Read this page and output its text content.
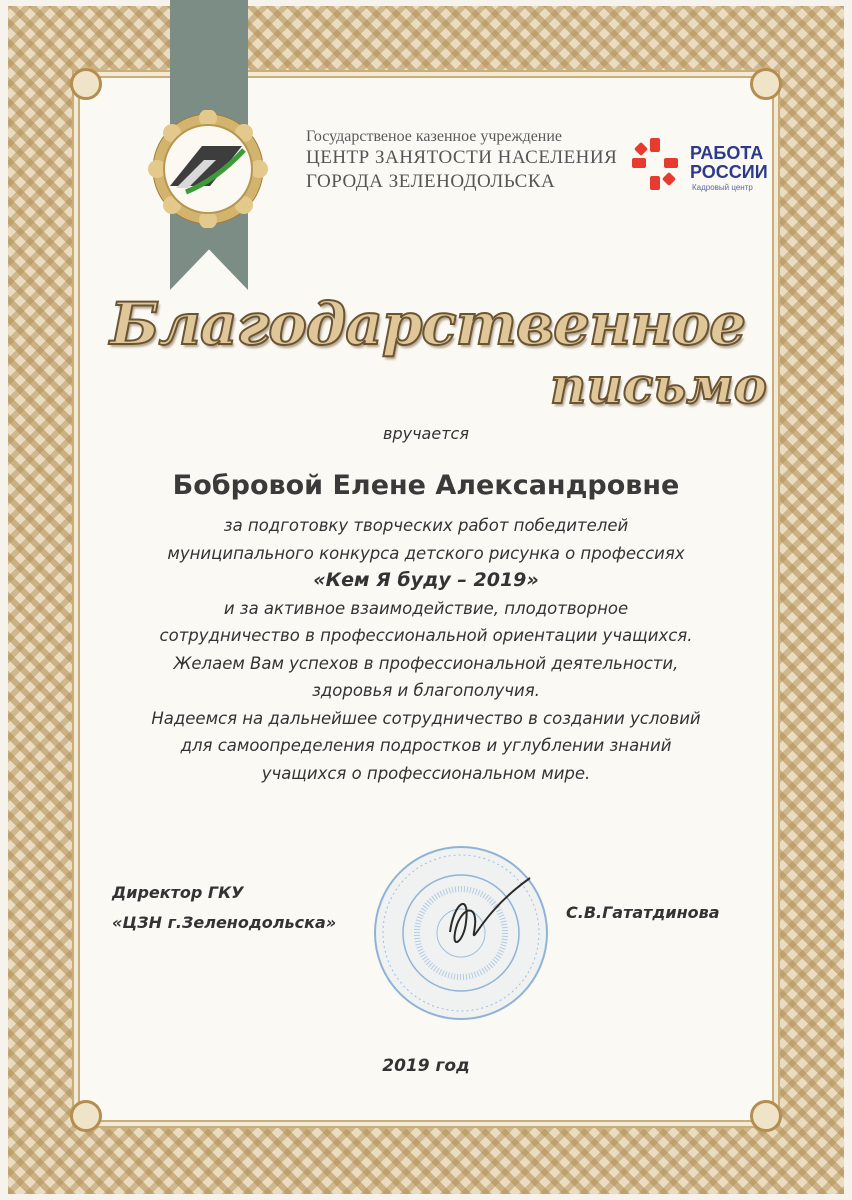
Государственое казенное учреждение
ЦЕНТР ЗАНЯТОСТИ НАСЕЛЕНИЯ
ГОРОДА ЗЕЛЕНОДОЛЬСКА
РАБОТА
РОССИИ
Кадровый центр
Благодарственное
письмо
вручается
Бобровой Елене Александровне
за подготовку творческих работ победителей
муниципального конкурса детского рисунка о профессиях
«Кем Я буду – 2019»
и за активное взаимодействие, плодотворное
сотрудничество в профессиональной ориентации учащихся.
Желаем Вам успехов в профессиональной деятельности,
здоровья и благополучия.
Надеемся на дальнейшее сотрудничество в создании условий
для самоопределения подростков и углублении знаний
учащихся о профессиональном мире.
Директор ГКУ
«ЦЗН г.Зеленодольска»
С.В.Гататдинова
2019 год
